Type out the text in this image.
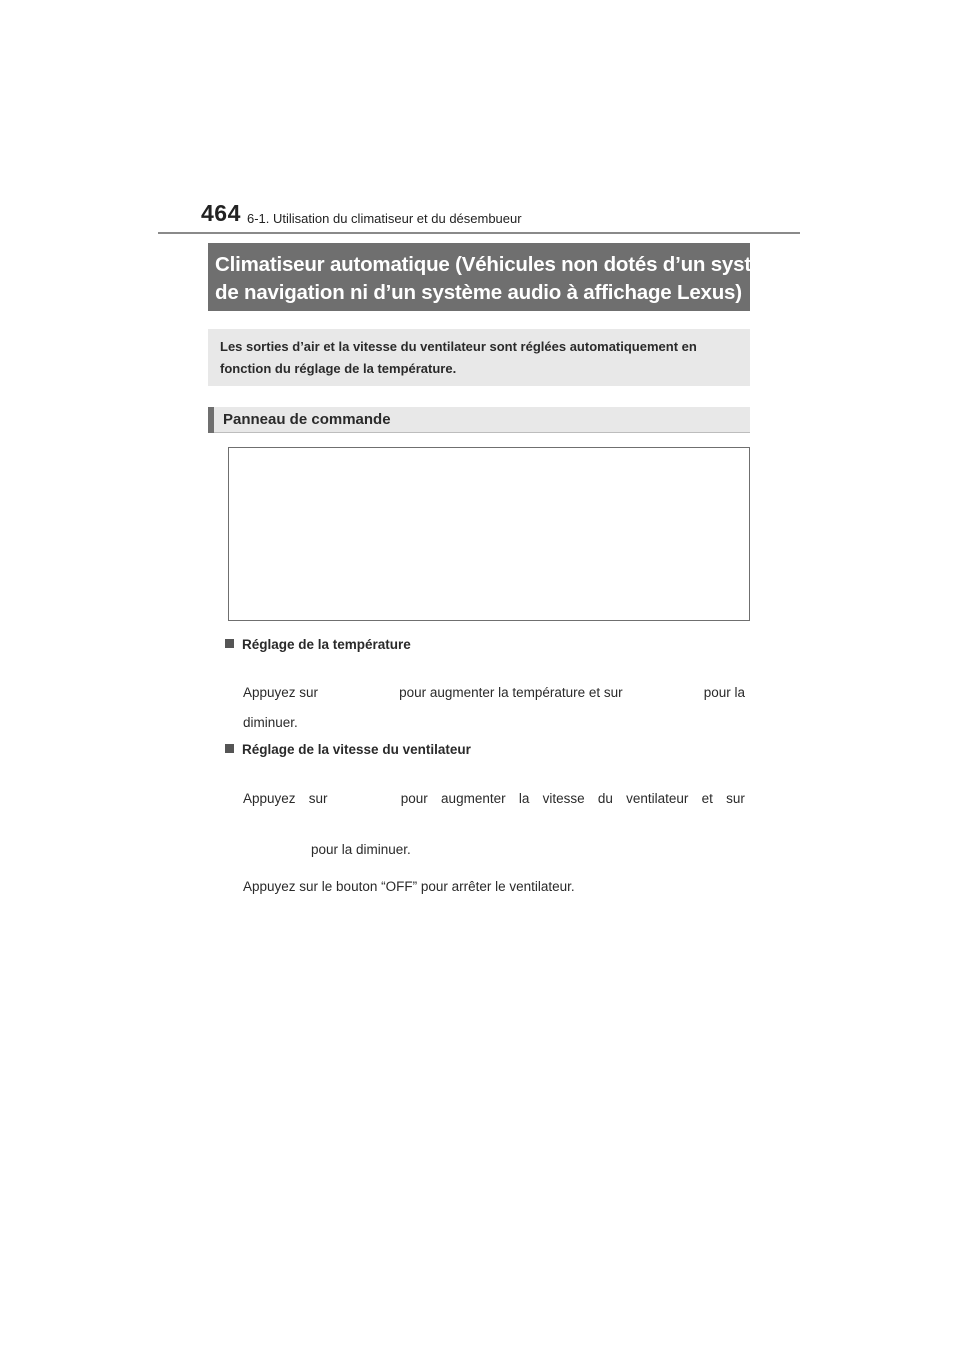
464 6-1. Utilisation du climatiseur et du désembueur
Climatiseur automatique (Véhicules non dotés d’un système
de navigation ni d’un système audio à affichage Lexus)
Les sorties d’air et la vitesse du ventilateur sont réglées automatiquement en
fonction du réglage de la température.
Panneau de commande
Réglage de la température
Appuyez sur	pour augmenter la température et sur	pour la
diminuer.
Réglage de la vitesse du ventilateur
Appuyez sur	pour augmenter la vitesse du ventilateur et sur
pour la diminuer.
Appuyez sur le bouton “OFF” pour arrêter le ventilateur.
